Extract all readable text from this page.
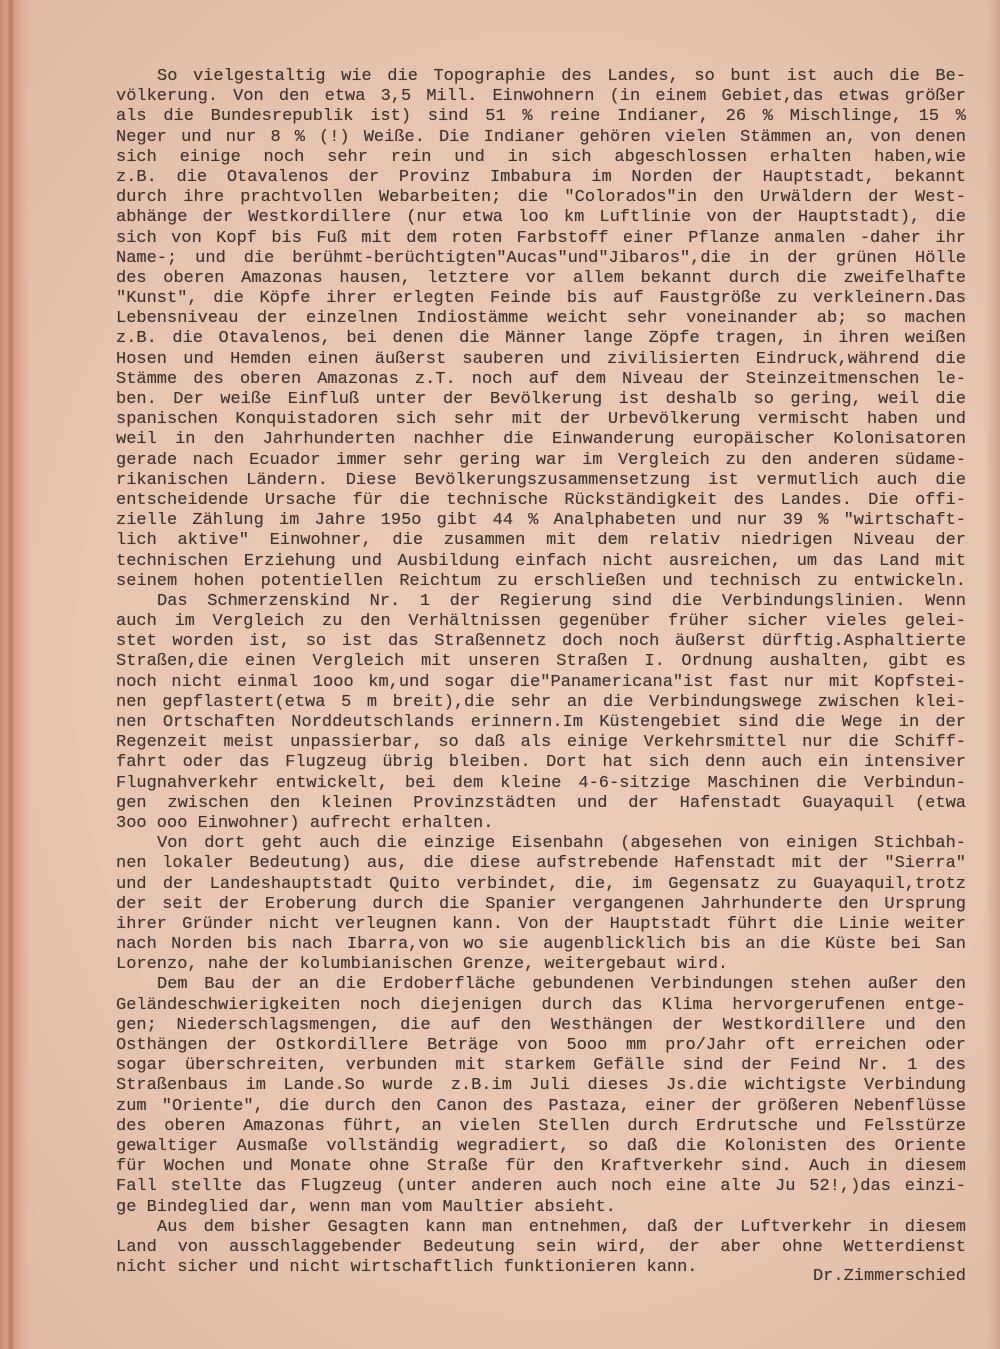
So vielgestaltig wie die Topographie des Landes, so bunt ist auch die Be-
völkerung. Von den etwa 3,5 Mill. Einwohnern (in einem Gebiet,das etwas größer
als die Bundesrepublik ist) sind 51 % reine Indianer, 26 % Mischlinge, 15 %
Neger und nur 8 % (!) Weiße. Die Indianer gehören vielen Stämmen an, von denen
sich einige noch sehr rein und in sich abgeschlossen erhalten haben,wie
z.B. die Otavalenos der Provinz Imbabura im Norden der Hauptstadt, bekannt
durch ihre prachtvollen Webarbeiten; die "Colorados"in den Urwäldern der West-
abhänge der Westkordillere (nur etwa loo km Luftlinie von der Hauptstadt), die
sich von Kopf bis Fuß mit dem roten Farbstoff einer Pflanze anmalen -daher ihr
Name-; und die berühmt-berüchtigten"Aucas"und"Jibaros",die in der grünen Hölle
des oberen Amazonas hausen, letztere vor allem bekannt durch die zweifelhafte
"Kunst", die Köpfe ihrer erlegten Feinde bis auf Faustgröße zu verkleinern.Das
Lebensniveau der einzelnen Indiostämme weicht sehr voneinander ab; so machen
z.B. die Otavalenos, bei denen die Männer lange Zöpfe tragen, in ihren weißen
Hosen und Hemden einen äußerst sauberen und zivilisierten Eindruck,während die
Stämme des oberen Amazonas z.T. noch auf dem Niveau der Steinzeitmenschen le-
ben. Der weiße Einfluß unter der Bevölkerung ist deshalb so gering, weil die
spanischen Konquistadoren sich sehr mit der Urbevölkerung vermischt haben und
weil in den Jahrhunderten nachher die Einwanderung europäischer Kolonisatoren
gerade nach Ecuador immer sehr gering war im Vergleich zu den anderen südame-
rikanischen Ländern. Diese Bevölkerungszusammensetzung ist vermutlich auch die
entscheidende Ursache für die technische Rückständigkeit des Landes. Die offi-
zielle Zählung im Jahre 195o gibt 44 % Analphabeten und nur 39 % "wirtschaft-
lich aktive" Einwohner, die zusammen mit dem relativ niedrigen Niveau der
technischen Erziehung und Ausbildung einfach nicht ausreichen, um das Land mit
seinem hohen potentiellen Reichtum zu erschließen und technisch zu entwickeln.
Das Schmerzenskind Nr. 1 der Regierung sind die Verbindungslinien. Wenn
auch im Vergleich zu den Verhältnissen gegenüber früher sicher vieles gelei-
stet worden ist, so ist das Straßennetz doch noch äußerst dürftig.Asphaltierte
Straßen,die einen Vergleich mit unseren Straßen I. Ordnung aushalten, gibt es
noch nicht einmal 1ooo km,und sogar die"Panamericana"ist fast nur mit Kopfstei-
nen gepflastert(etwa 5 m breit),die sehr an die Verbindungswege zwischen klei-
nen Ortschaften Norddeutschlands erinnern.Im Küstengebiet sind die Wege in der
Regenzeit meist unpassierbar, so daß als einige Verkehrsmittel nur die Schiff-
fahrt oder das Flugzeug übrig bleiben. Dort hat sich denn auch ein intensiver
Flugnahverkehr entwickelt, bei dem kleine 4-6-sitzige Maschinen die Verbindun-
gen zwischen den kleinen Provinzstädten und der Hafenstadt Guayaquil (etwa
3oo ooo Einwohner) aufrecht erhalten.
Von dort geht auch die einzige Eisenbahn (abgesehen von einigen Stichbah-
nen lokaler Bedeutung) aus, die diese aufstrebende Hafenstadt mit der "Sierra"
und der Landeshauptstadt Quito verbindet, die, im Gegensatz zu Guayaquil,trotz
der seit der Eroberung durch die Spanier vergangenen Jahrhunderte den Ursprung
ihrer Gründer nicht verleugnen kann. Von der Hauptstadt führt die Linie weiter
nach Norden bis nach Ibarra,von wo sie augenblicklich bis an die Küste bei San
Lorenzo, nahe der kolumbianischen Grenze, weitergebaut wird.
Dem Bau der an die Erdoberfläche gebundenen Verbindungen stehen außer den
Geländeschwierigkeiten noch diejenigen durch das Klima hervorgerufenen entge-
gen; Niederschlagsmengen, die auf den Westhängen der Westkordillere und den
Osthängen der Ostkordillere Beträge von 5ooo mm pro/Jahr oft erreichen oder
sogar überschreiten, verbunden mit starkem Gefälle sind der Feind Nr. 1 des
Straßenbaus im Lande.So wurde z.B.im Juli dieses Js.die wichtigste Verbindung
zum "Oriente", die durch den Canon des Pastaza, einer der größeren Nebenflüsse
des oberen Amazonas führt, an vielen Stellen durch Erdrutsche und Felsstürze
gewaltiger Ausmaße vollständig wegradiert, so daß die Kolonisten des Oriente
für Wochen und Monate ohne Straße für den Kraftverkehr sind. Auch in diesem
Fall stellte das Flugzeug (unter anderen auch noch eine alte Ju 52!,)das einzi-
ge Bindeglied dar, wenn man vom Maultier absieht.
Aus dem bisher Gesagten kann man entnehmen, daß der Luftverkehr in diesem
Land von ausschlaggebender Bedeutung sein wird, der aber ohne Wetterdienst
nicht sicher und nicht wirtschaftlich funktionieren kann.	Dr.Zimmerschied
